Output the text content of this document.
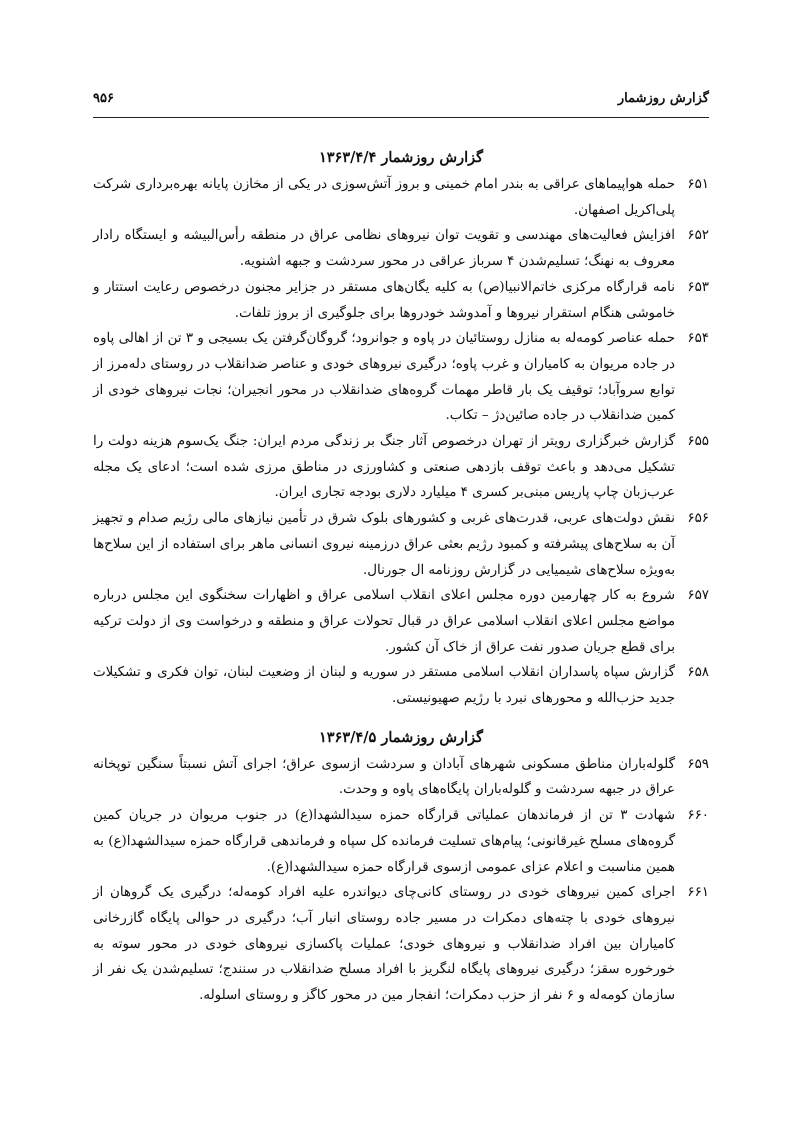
گزارش روزشمار
۹۵۶
گزارش روزشمار ۱۳۶۳/۴/۴
۶۵۱
حمله هواپیماهای عراقی به بندر امام خمینی و بروز آتش‌سوزی در یکی از مخازن پایانه بهره‌برداری شرکت پلی‌اکریل اصفهان.
۶۵۲
افزایش فعالیت‌های مهندسی و تقویت توان نیروهای نظامی عراق در منطقه رأس‌البیشه و ایستگاه رادار معروف به نهنگ؛ تسلیم‌شدن ۴ سرباز عراقی در محور سردشت و جبهه اشنویه.
۶۵۳
نامه قرارگاه مرکزی خاتم‌الانبیا(ص) به کلیه یگان‌های مستقر در جزایر مجنون درخصوص رعایت استتار و خاموشی هنگام استقرار نیروها و آمدوشد خودروها برای جلوگیری از بروز تلفات.
۶۵۴
حمله عناصر کومه‌له به منازل روستائیان در پاوه و جوانرود؛ گروگان‌گرفتن یک بسیجی و ۳ تن از اهالی پاوه در جاده مریوان به کامیاران و غرب پاوه؛ درگیری نیروهای خودی و عناصر ضدانقلاب در روستای دله‌مرز از توابع سروآباد؛ توقیف یک بار قاطر مهمات گروه‌های ضدانقلاب در محور انجیران؛ نجات نیروهای خودی از کمین ضدانقلاب در جاده صائین‌دژ – تکاب.
۶۵۵
گزارش خبرگزاری رویتر از تهران درخصوص آثار جنگ بر زندگی مردم ایران: جنگ یک‌سوم هزینه دولت را تشکیل می‌دهد و باعث توقف بازدهی صنعتی و کشاورزی در مناطق مرزی شده است؛ ادعای یک مجله عرب‌زبان چاپ پاریس مبنی‌بر کسری ۴ میلیارد دلاری بودجه تجاری ایران.
۶۵۶
نقش دولت‌های عربی، قدرت‌های غربی و کشورهای بلوک شرق در تأمین نیازهای مالی رژیم صدام و تجهیز آن به سلاح‌های پیشرفته و کمبود رژیم بعثی عراق درزمینه نیروی انسانی ماهر برای استفاده از این سلاح‌ها به‌ویژه سلاح‌های شیمیایی در گزارش روزنامه ال جورنال.
۶۵۷
شروع به کار چهارمین دوره مجلس اعلای انقلاب اسلامی عراق و اظهارات سخنگوی این مجلس درباره مواضع مجلس اعلای انقلاب اسلامی عراق در قبال تحولات عراق و منطقه و درخواست وی از دولت ترکیه برای قطع جریان صدور نفت عراق از خاک آن کشور.
۶۵۸
گزارش سپاه پاسداران انقلاب اسلامی مستقر در سوریه و لبنان از وضعیت لبنان، توان فکری و تشکیلات جدید حزب‌الله و محورهای نبرد با رژیم صهیونیستی.
گزارش روزشمار ۱۳۶۳/۴/۵
۶۵۹
گلوله‌باران مناطق مسکونی شهرهای آبادان و سردشت ازسوی عراق؛ اجرای آتش نسبتاً سنگین توپخانه عراق در جبهه سردشت و گلوله‌باران پایگاه‌های پاوه و وحدت.
۶۶۰
شهادت ۳ تن از فرماندهان عملیاتی قرارگاه حمزه سیدالشهدا(ع) در جنوب مریوان در جریان کمین گروه‌های مسلح غیرقانونی؛ پیام‌های تسلیت فرمانده کل سپاه و فرماندهی قرارگاه حمزه سیدالشهدا(ع) به همین مناسبت و اعلام عزای عمومی ازسوی قرارگاه حمزه سیدالشهدا(ع).
۶۶۱
اجرای کمین نیروهای خودی در روستای کانی‌چای دیواندره علیه افراد کومه‌له؛ درگیری یک گروهان از نیروهای خودی با چته‌های دمکرات در مسیر جاده روستای انبار آب؛ درگیری در حوالی پایگاه گازرخانی کامیاران بین افراد ضدانقلاب و نیروهای خودی؛ عملیات پاکسازی نیروهای خودی در محور سوته به خورخوره سقز؛ درگیری نیروهای پایگاه لنگریز با افراد مسلح ضدانقلاب در سنندج؛ تسلیم‌شدن یک نفر از سازمان کومه‌له و ۶ نفر از حزب دمکرات؛ انفجار مین در محور کاگز و روستای اسلوله.
